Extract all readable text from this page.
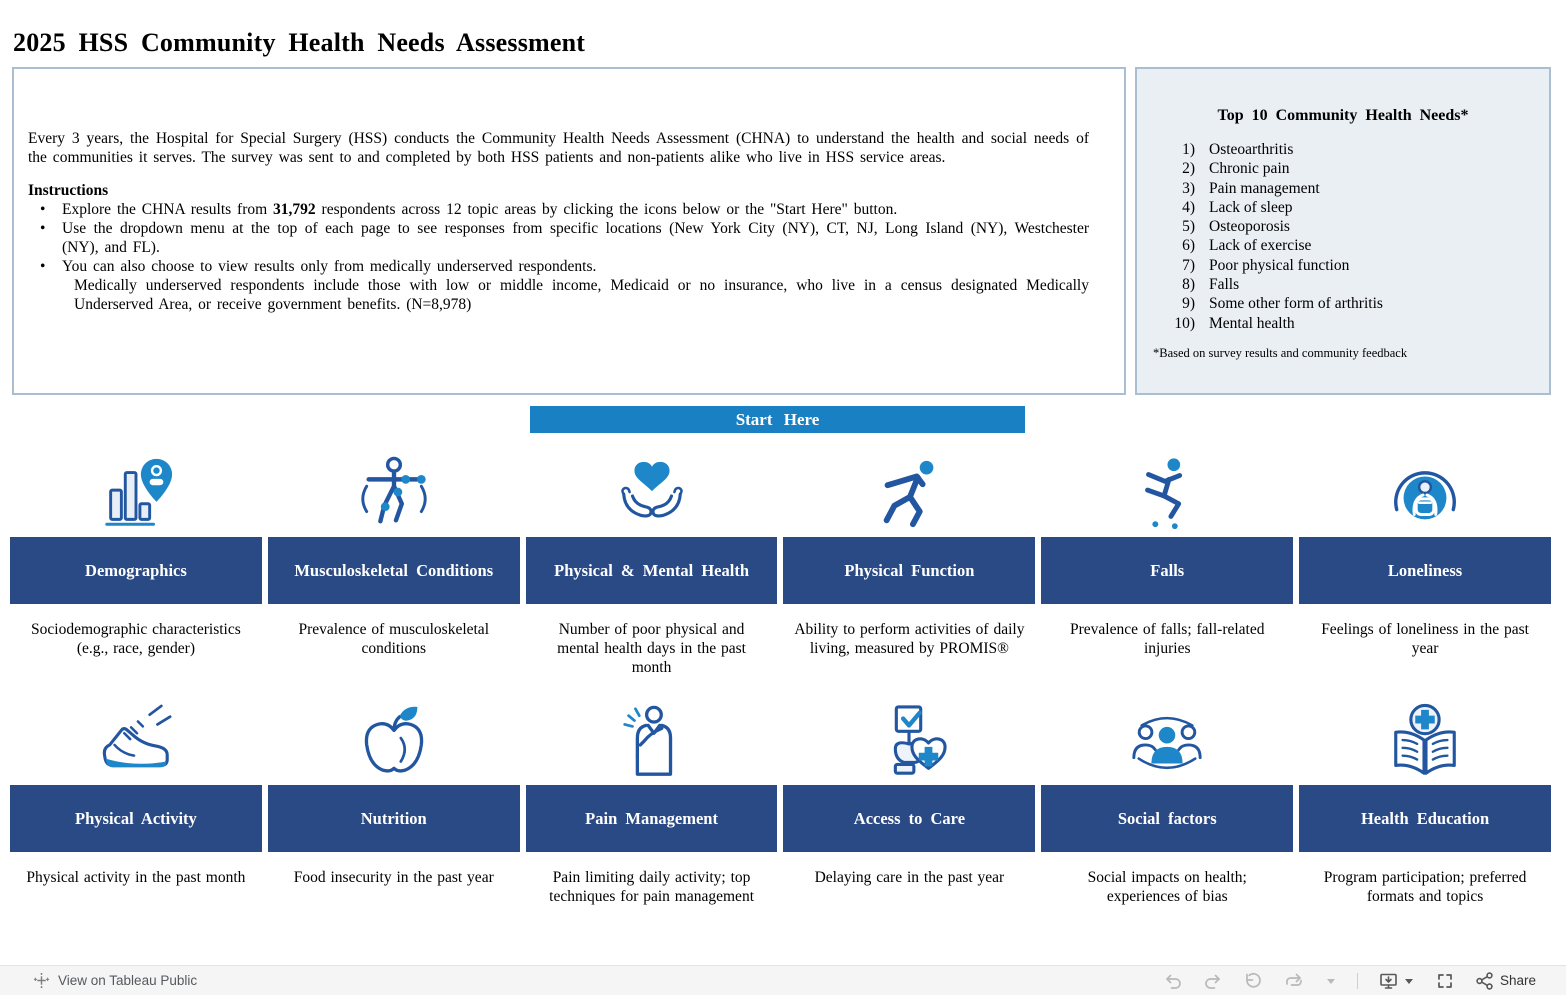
2025 HSS Community Health Needs Assessment

Every 3 years, the Hospital for Special Surgery (HSS) conducts the Community Health Needs Assessment (CHNA) to understand the health and social needs of the communities it serves. The survey was sent to and completed by both HSS patients and non-patients alike who live in HSS service areas.

Instructions
•	Explore the CHNA results from 31,792 respondents across 12 topic areas by clicking the icons below or the "Start Here" button.
•	Use the dropdown menu at the top of each page to see responses from specific locations (New York City (NY), CT, NJ, Long Island (NY), Westchester (NY), and FL).
•	You can also choose to view results only from medically underserved respondents.
Medically underserved respondents include those with low or middle income, Medicaid or no insurance, who live in a census designated Medically Underserved Area, or receive government benefits. (N=8,978)
Top 10 Community Health Needs*
1) Osteoarthritis
2) Chronic pain
3) Pain management
4) Lack of sleep
5) Osteoporosis
6) Lack of exercise
7) Poor physical function
8) Falls
9) Some other form of arthritis
10) Mental health
*Based on survey results and community feedback
Start Here
Demographics
Sociodemographic characteristics (e.g., race, gender)
Musculoskeletal Conditions
Prevalence of musculoskeletal conditions
Physical & Mental Health
Number of poor physical and mental health days in the past month
Physical Function
Ability to perform activities of daily living, measured by PROMIS®
Falls
Prevalence of falls; fall-related injuries
Loneliness
Feelings of loneliness in the past year
Physical Activity
Physical activity in the past month
Nutrition
Food insecurity in the past year
Pain Management
Pain limiting daily activity; top techniques for pain management
Access to Care
Delaying care in the past year
Social factors
Social impacts on health; experiences of bias
Health Education
Program participation; preferred formats and topics
View on Tableau Public	Share
